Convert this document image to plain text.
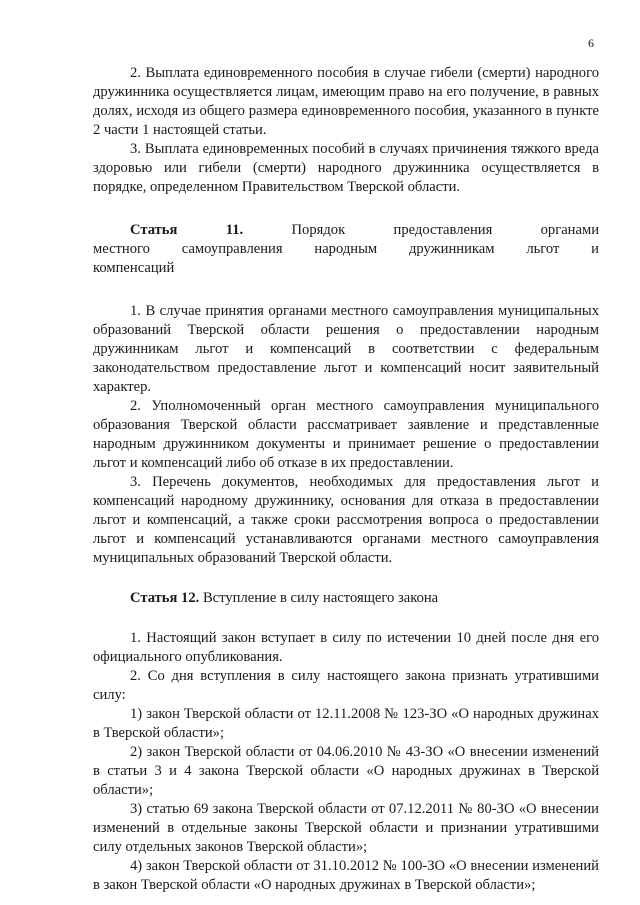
6

2. Выплата единовременного пособия в случае гибели (смерти) народного дружинника осуществляется лицам, имеющим право на его получение, в равных долях, исходя из общего размера единовременного пособия, указанного в пункте 2 части 1 настоящей статьи.

3. Выплата единовременных пособий в случаях причинения тяжкого вреда здоровью или гибели (смерти) народного дружинника осуществляется в порядке, определенном Правительством Тверской области.

Статья 11.	Порядок предоставления органами местного самоуправления народным дружинникам льгот и компенсаций

1. В случае принятия органами местного самоуправления муниципальных образований Тверской области решения о предоставлении народным дружинникам льгот и компенсаций в соответствии с федеральным законодательством предоставление льгот и компенсаций носит заявительный характер.

2. Уполномоченный орган местного самоуправления муниципального образования Тверской области рассматривает заявление и представленные народным дружинником документы и принимает решение о предоставлении льгот и компенсаций либо об отказе в их предоставлении.

3. Перечень документов, необходимых для предоставления льгот и компенсаций народному дружиннику, основания для отказа в предоставлении льгот и компенсаций, а также сроки рассмотрения вопроса о предоставлении льгот и компенсаций устанавливаются органами местного самоуправления муниципальных образований Тверской области.

Статья 12. Вступление в силу настоящего закона

1. Настоящий закон вступает в силу по истечении 10 дней после дня его официального опубликования.

2. Со дня вступления в силу настоящего закона признать утратившими силу:

1) закон Тверской области от 12.11.2008 № 123-ЗО «О народных дружинах в Тверской области»;

2) закон Тверской области от 04.06.2010 № 43-ЗО «О внесении изменений в статьи 3 и 4 закона Тверской области «О народных дружинах в Тверской области»;

3) статью 69 закона Тверской области от 07.12.2011 № 80-ЗО «О внесении изменений в отдельные законы Тверской области и признании утратившими силу отдельных законов Тверской области»;

4) закон Тверской области от 31.10.2012 № 100-ЗО «О внесении изменений в закон Тверской области «О народных дружинах в Тверской области»;
